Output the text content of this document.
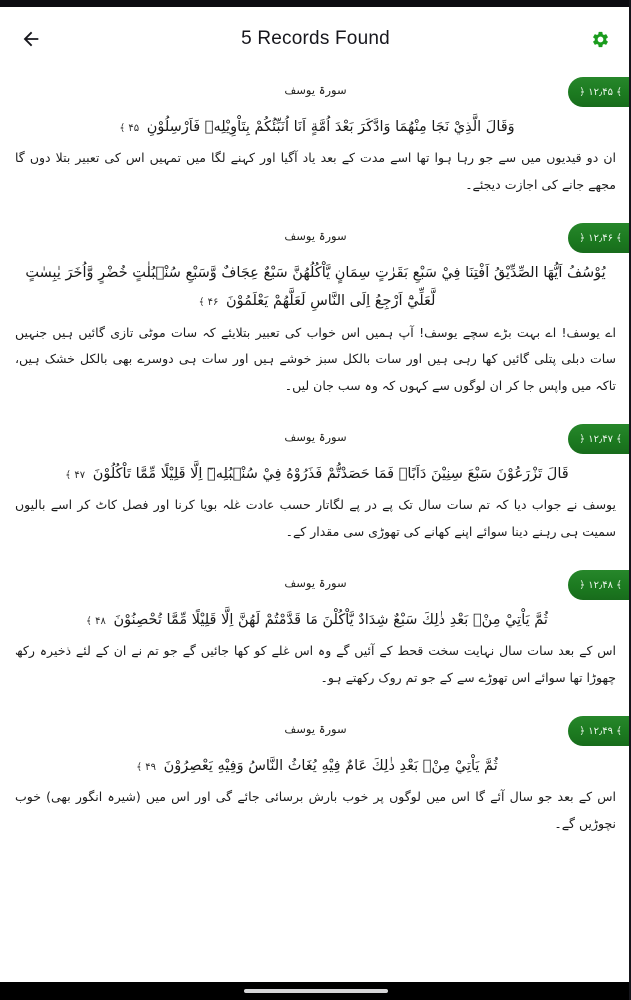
5 Records Found
سورۃ یوسف	﴿ ۱۲٫۴۵ ﴾
وَقَالَ الَّذِيْ نَجَا مِنْهُمَا وَادَّكَرَ بَعْدَ اُمَّةٍ اَنَا اُنَبِّئُكُمْ بِتَاْوِيْلِهٖ فَاَرْسِلُوْنِ ۴۵ ﴾
ان دو قیدیوں میں سے جو رہا ہوا تھا اسے مدت کے بعد یاد آگیا اور کہنے لگا میں تمہیں اس کی تعبیر بتلا دوں گا مجھے جانے کی اجازت دیجئے۔
سورۃ یوسف	﴿ ۱۲٫۴۶ ﴾
يُوْسُفُ اَيُّهَا الصِّدِّيْقُ اَفْتِنَا فِيْ سَبْعِ بَقَرٰتٍ سِمَانٍ يَّاْكُلُهُنَّ سَبْعٌ عِجَافٌ وَّسَبْعِ سُنْۢبُلٰتٍ خُضْرٍ وَّاُخَرَ يٰبِسٰتٍ لَّعَلِّيْٓ اَرْجِعُ اِلَى النَّاسِ لَعَلَّهُمْ يَعْلَمُوْنَ ۴۶ ﴾
اے یوسف! اے بہت بڑے سچے یوسف! آپ ہمیں اس خواب کی تعبیر بتلایئے کہ سات موٹی تازی گائیں ہیں جنہیں سات دبلی پتلی گائیں کھا رہی ہیں اور سات بالکل سبز خوشے ہیں اور سات ہی دوسرے بھی بالکل خشک ہیں، تاکہ میں واپس جا کر ان لوگوں سے کہوں کہ وہ سب جان لیں۔
سورۃ یوسف	﴿ ۱۲٫۴۷ ﴾
قَالَ تَزْرَعُوْنَ سَبْعَ سِنِيْنَ دَاَبًاۚ فَمَا حَصَدْتُّمْ فَذَرُوْهُ فِيْ سُنْۢبُلِهٖٓ اِلَّا قَلِيْلًا مِّمَّا تَاْكُلُوْنَ ۴۷ ﴾
یوسف نے جواب دیا کہ تم سات سال تک پے در پے لگاتار حسب عادت غلہ بویا کرنا اور فصل کاٹ کر اسے بالیوں سمیت ہی رہنے دینا سوائے اپنے کھانے کی تھوڑی سی مقدار کے۔
سورۃ یوسف	﴿ ۱۲٫۴۸ ﴾
ثُمَّ يَاْتِيْ مِنْۢ بَعْدِ ذٰلِكَ سَبْعٌ شِدَادٌ يَّاْكُلْنَ مَا قَدَّمْتُمْ لَهُنَّ اِلَّا قَلِيْلًا مِّمَّا تُحْصِنُوْنَ ۴۸ ﴾
اس کے بعد سات سال نہایت سخت قحط کے آئیں گے وہ اس غلے کو کھا جائیں گے جو تم نے ان کے لئے ذخیرہ رکھ چھوڑا تھا سوائے اس تھوڑے سے کے جو تم روک رکھتے ہو۔
سورۃ یوسف	﴿ ۱۲٫۴۹ ﴾
ثُمَّ يَاْتِيْ مِنْۢ بَعْدِ ذٰلِكَ عَامٌ فِيْهِ يُغَاثُ النَّاسُ وَفِيْهِ يَعْصِرُوْنَ ۴۹ ﴾
اس کے بعد جو سال آئے گا اس میں لوگوں پر خوب بارش برسائی جائے گی اور اس میں (شیرہ انگور بھی) خوب نچوڑیں گے۔
